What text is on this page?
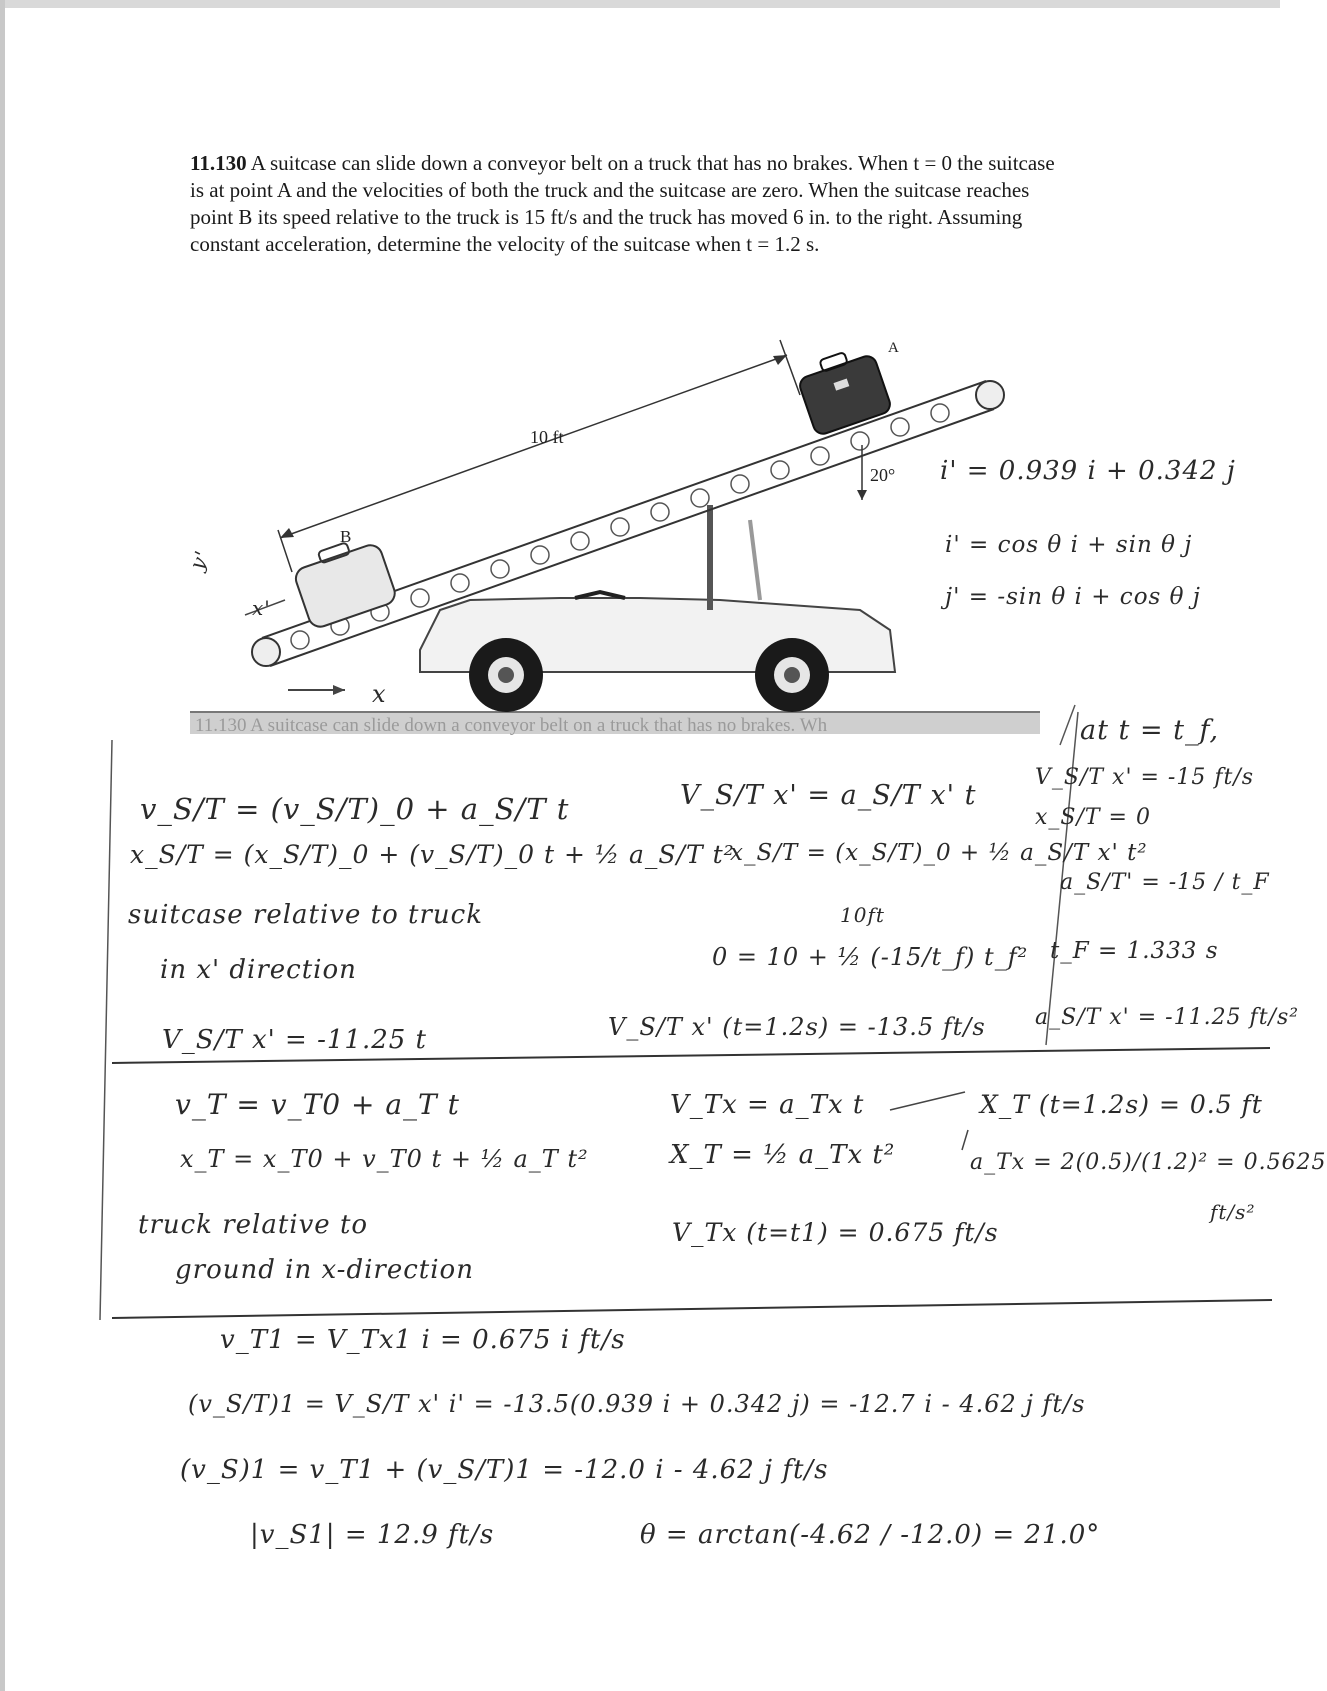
11.130 A suitcase can slide down a conveyor belt on a truck that has no brakes. When t = 0 the suitcase is at point A and the velocities of both the truck and the suitcase are zero. When the suitcase reaches point B its speed relative to the truck is 15 ft/s and the truck has moved 6 in. to the right. Assuming constant acceleration, determine the velocity of the suitcase when t = 1.2 s.
10 ft
20°
A
B
x'
y'
x
11.130 A suitcase can slide down a conveyor belt on a truck that has no brakes. Wh
i' = 0.939 i + 0.342 j
i' = cos θ i + sin θ j
j' = -sin θ i + cos θ j
v_S/T = (v_S/T)_0 + a_S/T t
x_S/T = (x_S/T)_0 + (v_S/T)_0 t + ½ a_S/T t²
suitcase relative to truck
in x' direction
V_S/T x' = -11.25 t
V_S/T x' = a_S/T x' t
x_S/T = (x_S/T)_0 + ½ a_S/T x' t²
10ft
0 = 10 + ½ (-15/t_f) t_f²
V_S/T x' (t=1.2s) = -13.5 ft/s
at t = t_f,
V_S/T x' = -15 ft/s
x_S/T = 0
a_S/T' = -15 / t_F
t_F = 1.333 s
a_S/T x' = -11.25 ft/s²
v_T = v_T0 + a_T t
x_T = x_T0 + v_T0 t + ½ a_T t²
truck relative to
ground in x-direction
V_Tx = a_Tx t
X_T = ½ a_Tx t²
V_Tx (t=t1) = 0.675 ft/s
X_T (t=1.2s) = 0.5 ft
a_Tx = 2(0.5)/(1.2)² = 0.5625
ft/s²
v_T1 = V_Tx1 i = 0.675 i ft/s
(v_S/T)1 = V_S/T x' i' = -13.5(0.939 i + 0.342 j) = -12.7 i - 4.62 j ft/s
(v_S)1 = v_T1 + (v_S/T)1 = -12.0 i - 4.62 j ft/s
|v_S1| = 12.9 ft/s	θ = arctan(-4.62 / -12.0) = 21.0°
